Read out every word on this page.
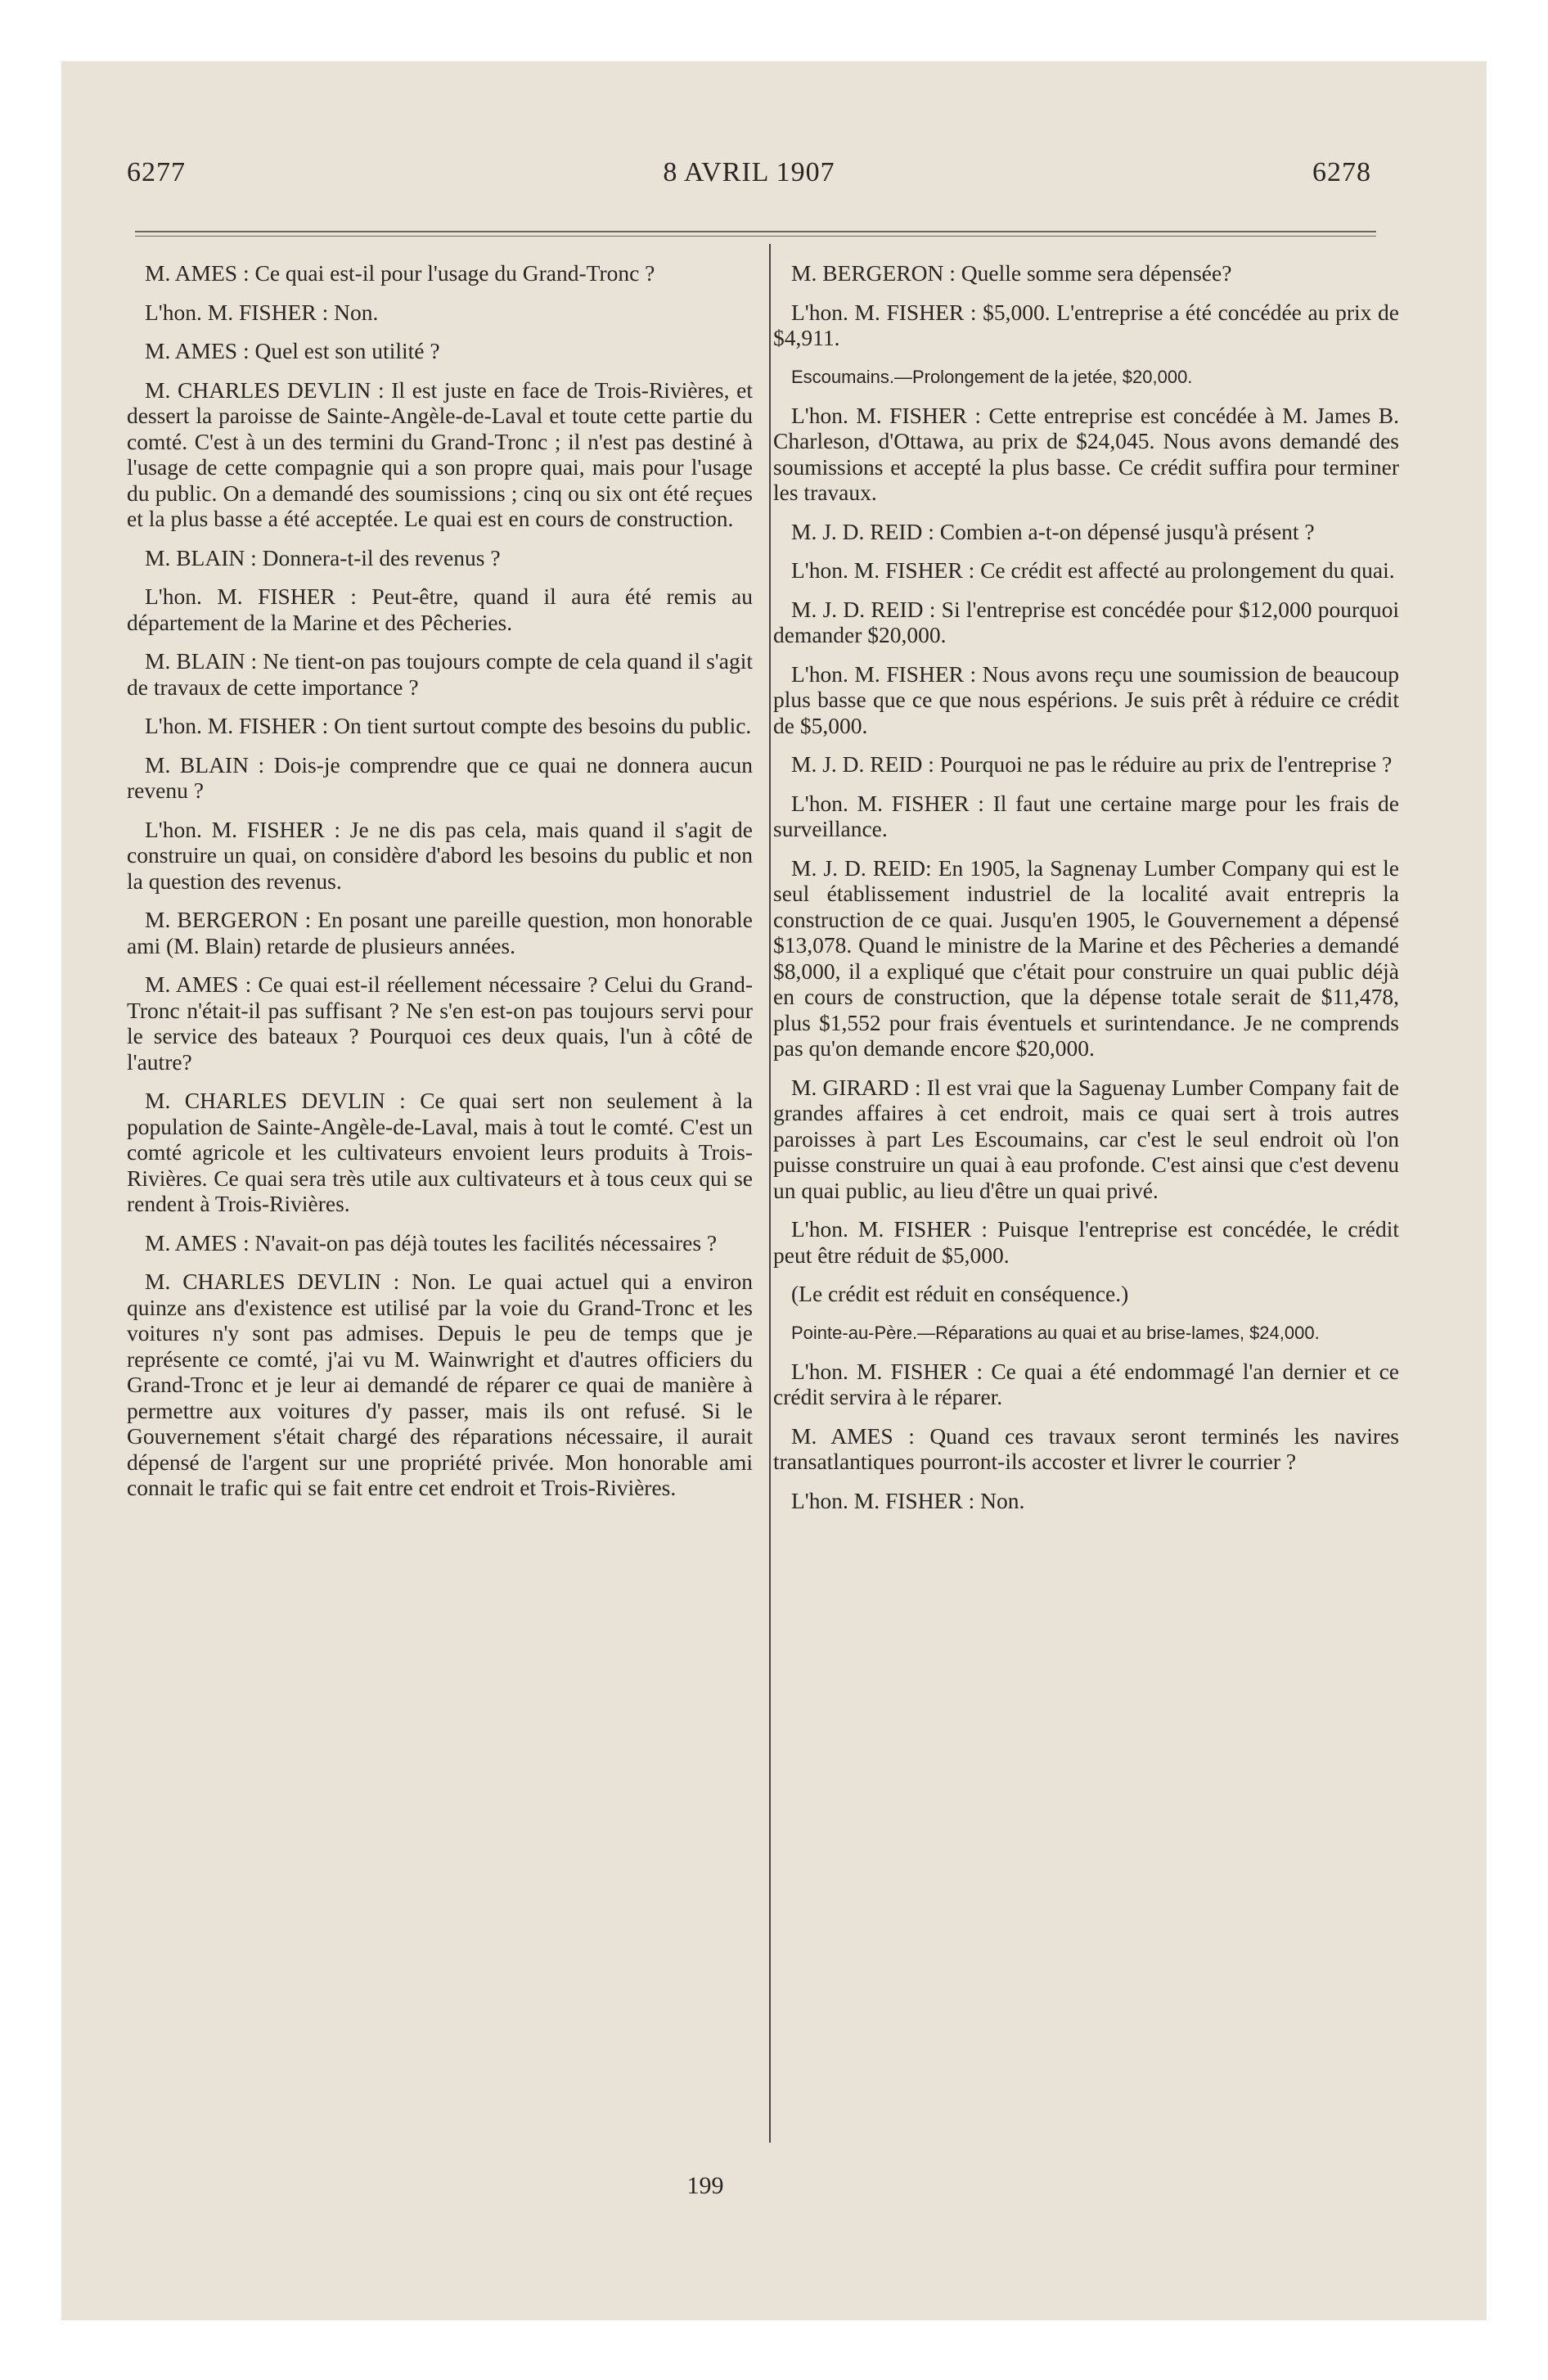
6277	8 AVRIL 1907	6278

M. AMES : Ce quai est-il pour l'usage du Grand-Tronc ?

L'hon. M. FISHER : Non.

M. AMES : Quel est son utilité ?

M. CHARLES DEVLIN : Il est juste en face de Trois-Rivières, et dessert la paroisse de Sainte-Angèle-de-Laval et toute cette partie du comté. C'est à un des termini du Grand-Tronc ; il n'est pas destiné à l'usage de cette compagnie qui a son propre quai, mais pour l'usage du public. On a demandé des soumissions ; cinq ou six ont été reçues et la plus basse a été acceptée. Le quai est en cours de construction.

M. BLAIN : Donnera-t-il des revenus ?

L'hon. M. FISHER : Peut-être, quand il aura été remis au département de la Marine et des Pêcheries.

M. BLAIN : Ne tient-on pas toujours compte de cela quand il s'agit de travaux de cette importance ?

L'hon. M. FISHER : On tient surtout compte des besoins du public.

M. BLAIN : Dois-je comprendre que ce quai ne donnera aucun revenu ?

L'hon. M. FISHER : Je ne dis pas cela, mais quand il s'agit de construire un quai, on considère d'abord les besoins du public et non la question des revenus.

M. BERGERON : En posant une pareille question, mon honorable ami (M. Blain) retarde de plusieurs années.

M. AMES : Ce quai est-il réellement nécessaire ? Celui du Grand-Tronc n'était-il pas suffisant ? Ne s'en est-on pas toujours servi pour le service des bateaux ? Pourquoi ces deux quais, l'un à côté de l'autre?

M. CHARLES DEVLIN : Ce quai sert non seulement à la population de Sainte-Angèle-de-Laval, mais à tout le comté. C'est un comté agricole et les cultivateurs envoient leurs produits à Trois-Rivières. Ce quai sera très utile aux cultivateurs et à tous ceux qui se rendent à Trois-Rivières.

M. AMES : N'avait-on pas déjà toutes les facilités nécessaires ?

M. CHARLES DEVLIN : Non. Le quai actuel qui a environ quinze ans d'existence est utilisé par la voie du Grand-Tronc et les voitures n'y sont pas admises. Depuis le peu de temps que je représente ce comté, j'ai vu M. Wainwright et d'autres officiers du Grand-Tronc et je leur ai demandé de réparer ce quai de manière à permettre aux voitures d'y passer, mais ils ont refusé. Si le Gouvernement s'était chargé des réparations nécessaire, il aurait dépensé de l'argent sur une propriété privée. Mon honorable ami connait le trafic qui se fait entre cet endroit et Trois-Rivières.

M. BERGERON : Quelle somme sera dépensée?

L'hon. M. FISHER : $5,000. L'entreprise a été concédée au prix de $4,911.

Escoumains.—Prolongement de la jetée, $20,000.

L'hon. M. FISHER : Cette entreprise est concédée à M. James B. Charleson, d'Ottawa, au prix de $24,045. Nous avons demandé des soumissions et accepté la plus basse. Ce crédit suffira pour terminer les travaux.

M. J. D. REID : Combien a-t-on dépensé jusqu'à présent ?

L'hon. M. FISHER : Ce crédit est affecté au prolongement du quai.

M. J. D. REID : Si l'entreprise est concédée pour $12,000 pourquoi demander $20,000.

L'hon. M. FISHER : Nous avons reçu une soumission de beaucoup plus basse que ce que nous espérions. Je suis prêt à réduire ce crédit de $5,000.

M. J. D. REID : Pourquoi ne pas le réduire au prix de l'entreprise ?

L'hon. M. FISHER : Il faut une certaine marge pour les frais de surveillance.

M. J. D. REID: En 1905, la Sagnenay Lumber Company qui est le seul établissement industriel de la localité avait entrepris la construction de ce quai. Jusqu'en 1905, le Gouvernement a dépensé $13,078. Quand le ministre de la Marine et des Pêcheries a demandé $8,000, il a expliqué que c'était pour construire un quai public déjà en cours de construction, que la dépense totale serait de $11,478, plus $1,552 pour frais éventuels et surintendance. Je ne comprends pas qu'on demande encore $20,000.

M. GIRARD : Il est vrai que la Saguenay Lumber Company fait de grandes affaires à cet endroit, mais ce quai sert à trois autres paroisses à part Les Escoumains, car c'est le seul endroit où l'on puisse construire un quai à eau profonde. C'est ainsi que c'est devenu un quai public, au lieu d'être un quai privé.

L'hon. M. FISHER : Puisque l'entreprise est concédée, le crédit peut être réduit de $5,000.

(Le crédit est réduit en conséquence.)

Pointe-au-Père.—Réparations au quai et au brise-lames, $24,000.

L'hon. M. FISHER : Ce quai a été endommagé l'an dernier et ce crédit servira à le réparer.

M. AMES : Quand ces travaux seront terminés les navires transatlantiques pourront-ils accoster et livrer le courrier ?

L'hon. M. FISHER : Non.

199
